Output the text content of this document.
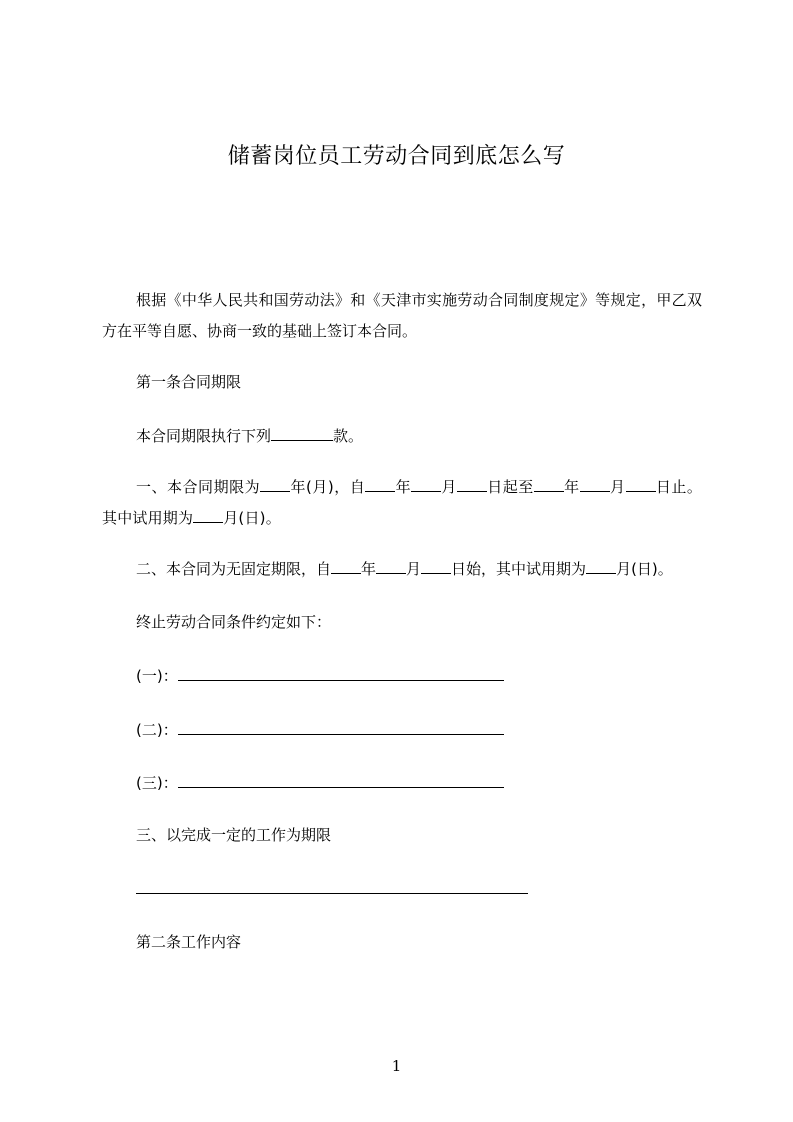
储蓄岗位员工劳动合同到底怎么写
根据《中华人民共和国劳动法》和《天津市实施劳动合同制度规定》等规定，甲乙双方在平等自愿、协商一致的基础上签订本合同。
第一条合同期限
本合同期限执行下列	款。
一、本合同期限为 年(月)，自 年 月 日起至 年 月 日止。其中试用期为 月(日)。
二、本合同为无固定期限，自 年 月 日始，其中试用期为 月(日)。
终止劳动合同条件约定如下：
(一)：
(二)：
(三)：
三、以完成一定的工作为期限
第二条工作内容
1
